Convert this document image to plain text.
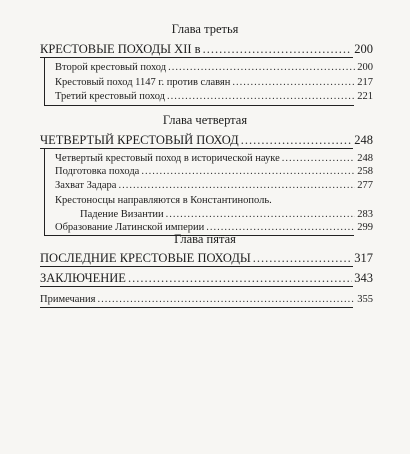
Глава третья
КРЕСТОВЫЕ ПОХОДЫ XII в .....	200
Второй крестовый поход .....	200
Крестовый поход 1147 г. против славян .....	217
Третий крестовый поход .....	221
Глава четвертая
ЧЕТВЕРТЫЙ КРЕСТОВЫЙ ПОХОД .....	248
Четвертый крестовый поход в исторической науке .....	248
Подготовка похода .....	258
Захват Задара .....	277
Крестоносцы направляются в Константинополь.
Падение Византии .....	283
Образование Латинской империи .....	299
Глава пятая
ПОСЛЕДНИЕ КРЕСТОВЫЕ ПОХОДЫ .....	317
ЗАКЛЮЧЕНИЕ .....	343
Примечания .....	355
